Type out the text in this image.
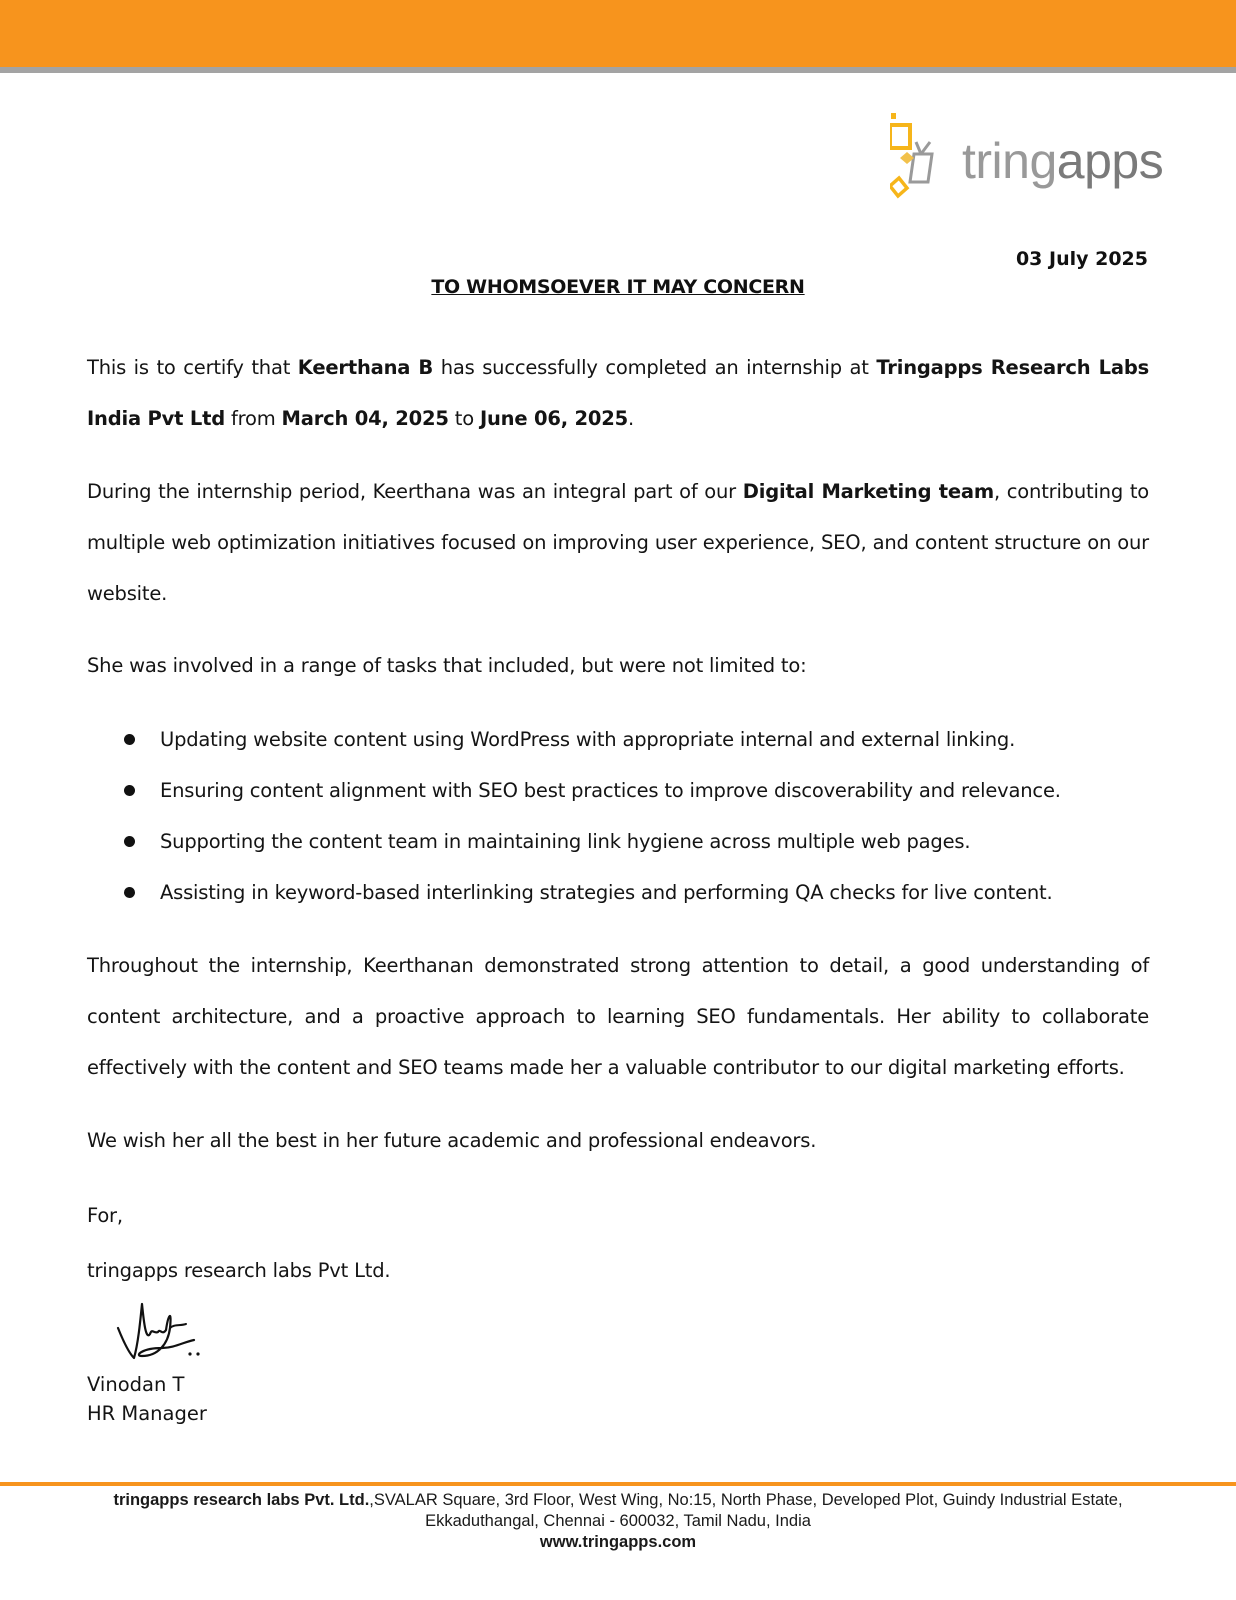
tringapps
03 July 2025
TO WHOMSOEVER IT MAY CONCERN

This is to certify that Keerthana B has successfully completed an internship at Tringapps Research Labs India Pvt Ltd from March 04, 2025 to June 06, 2025.

During the internship period, Keerthana was an integral part of our Digital Marketing team, contributing to multiple web optimization initiatives focused on improving user experience, SEO, and content structure on our website.

She was involved in a range of tasks that included, but were not limited to:

Updating website content using WordPress with appropriate internal and external linking.
Ensuring content alignment with SEO best practices to improve discoverability and relevance.
Supporting the content team in maintaining link hygiene across multiple web pages.
Assisting in keyword-based interlinking strategies and performing QA checks for live content.

Throughout the internship, Keerthanan demonstrated strong attention to detail, a good understanding of content architecture, and a proactive approach to learning SEO fundamentals. Her ability to collaborate effectively with the content and SEO teams made her a valuable contributor to our digital marketing efforts.

We wish her all the best in her future academic and professional endeavors.

For,

tringapps research labs Pvt Ltd.

Vinodan T
HR Manager
tringapps research labs Pvt. Ltd.,SVALAR Square, 3rd Floor, West Wing, No:15, North Phase, Developed Plot, Guindy Industrial Estate,
Ekkaduthangal, Chennai - 600032, Tamil Nadu, India
www.tringapps.com
